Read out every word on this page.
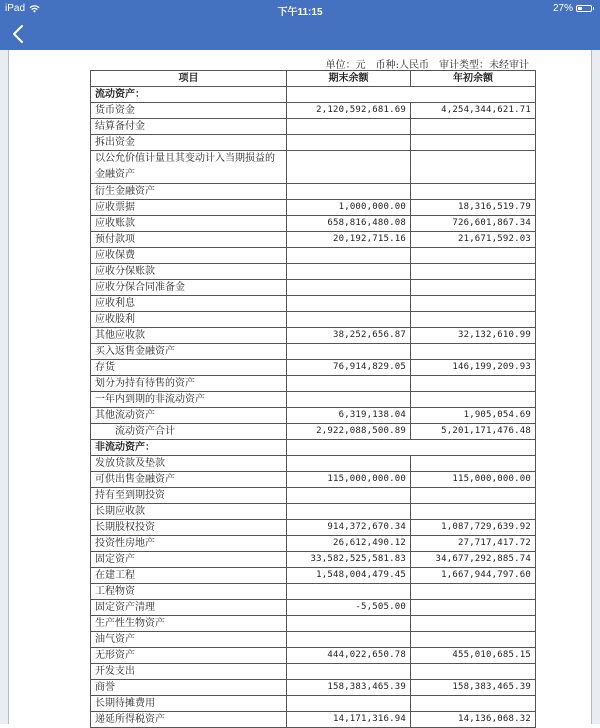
iPad	下午11:15	27%
单位：元 币种:人民币 审计类型：未经审计
项目	期末余额	年初余额
流动资产：		
货币资金	2,120,592,681.69	4,254,344,621.71
结算备付金		
拆出资金		
以公允价值计量且其变动计入当期损益的金融资产		
衍生金融资产		
应收票据	1,000,000.00	18,316,519.79
应收账款	658,816,480.08	726,601,867.34
预付款项	20,192,715.16	21,671,592.03
应收保费		
应收分保账款		
应收分保合同准备金		
应收利息		
应收股利		
其他应收款	38,252,656.87	32,132,610.99
买入返售金融资产		
存货	76,914,829.05	146,199,209.93
划分为持有待售的资产		
一年内到期的非流动资产		
其他流动资产	6,319,138.04	1,905,054.69
流动资产合计	2,922,088,500.89	5,201,171,476.48
非流动资产：		
发放贷款及垫款		
可供出售金融资产	115,000,000.00	115,000,000.00
持有至到期投资		
长期应收款		
长期股权投资	914,372,670.34	1,087,729,639.92
投资性房地产	26,612,490.12	27,717,417.72
固定资产	33,582,525,581.83	34,677,292,885.74
在建工程	1,548,004,479.45	1,667,944,797.60
工程物资		
固定资产清理	-5,505.00	
生产性生物资产		
油气资产		
无形资产	444,022,650.78	455,010,685.15
开发支出		
商誉	158,383,465.39	158,383,465.39
长期待摊费用		
递延所得税资产	14,171,316.94	14,136,068.32
